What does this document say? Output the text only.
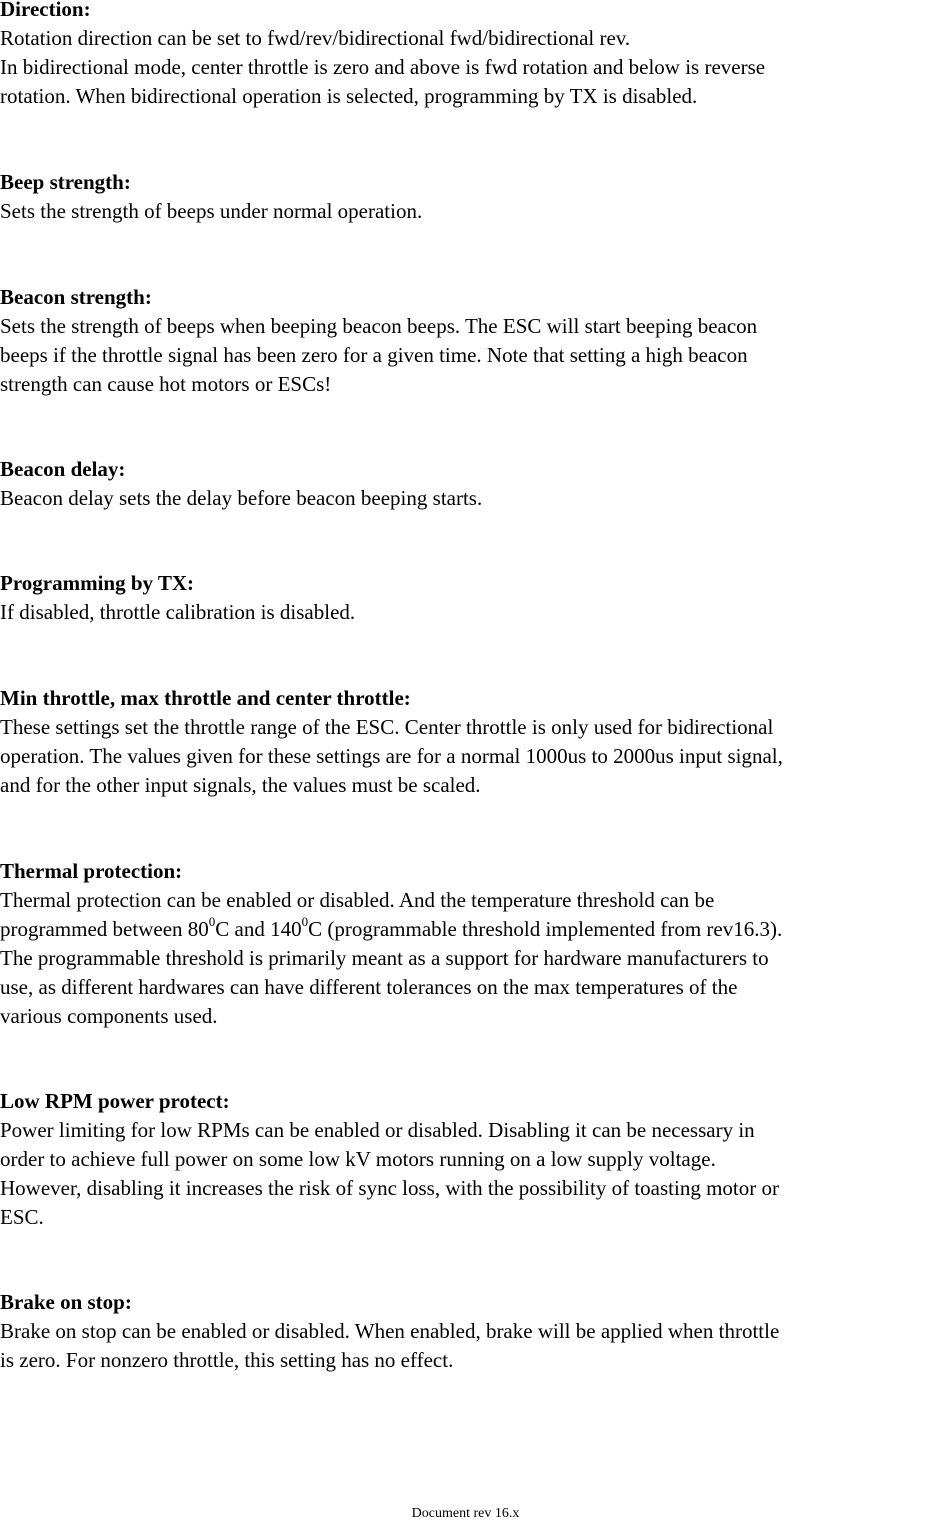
Direction:

Rotation direction can be set to fwd/rev/bidirectional fwd/bidirectional rev.
In bidirectional mode, center throttle is zero and above is fwd rotation and below is reverse
rotation. When bidirectional operation is selected, programming by TX is disabled.

Beep strength:

Sets the strength of beeps under normal operation.

Beacon strength:

Sets the strength of beeps when beeping beacon beeps. The ESC will start beeping beacon
beeps if the throttle signal has been zero for a given time. Note that setting a high beacon
strength can cause hot motors or ESCs!

Beacon delay:

Beacon delay sets the delay before beacon beeping starts.

Programming by TX:

If disabled, throttle calibration is disabled.

Min throttle, max throttle and center throttle:

These settings set the throttle range of the ESC. Center throttle is only used for bidirectional
operation. The values given for these settings are for a normal 1000us to 2000us input signal,
and for the other input signals, the values must be scaled.

Thermal protection:

Thermal protection can be enabled or disabled. And the temperature threshold can be
programmed between $80^0C$ and $140^0C$ (programmable threshold implemented from rev16.3).
The programmable threshold is primarily meant as a support for hardware manufacturers to
use, as different hardwares can have different tolerances on the max temperatures of the
various components used.

Low RPM power protect:

Power limiting for low RPMs can be enabled or disabled. Disabling it can be necessary in
order to achieve full power on some low kV motors running on a low supply voltage.
However, disabling it increases the risk of sync loss, with the possibility of toasting motor or
ESC.

Brake on stop:

Brake on stop can be enabled or disabled. When enabled, brake will be applied when throttle
is zero. For nonzero throttle, this setting has no effect.

Document rev 16.x
